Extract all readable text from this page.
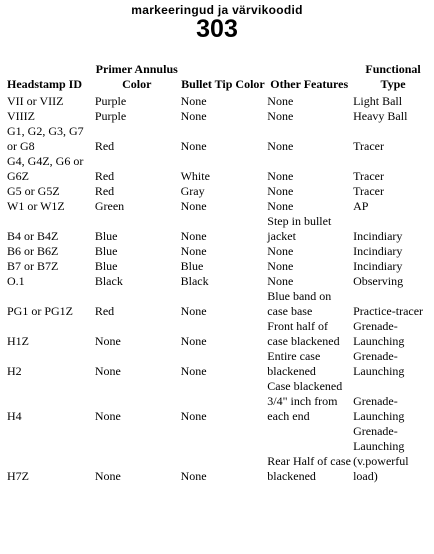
markeeringud ja värvikoodid
303
Headstamp ID	Primer Annulus Color	Bullet Tip Color	Other Features	Functional Type
VII or VIIZ	Purple	None	None	Light Ball
VIIIZ	Purple	None	None	Heavy Ball
G1, G2, G3, G7 or G8	Red	None	None	Tracer
G4, G4Z, G6 or G6Z	Red	White	None	Tracer
G5 or G5Z	Red	Gray	None	Tracer
W1 or W1Z	Green	None	None	AP
B4 or B4Z	Blue	None	Step in bullet jacket	Incindiary
B6 or B6Z	Blue	None	None	Incindiary
B7 or B7Z	Blue	Blue	None	Incindiary
O.1	Black	Black	None	Observing
PG1 or PG1Z	Red	None	Blue band on case base	Practice-tracer
H1Z	None	None	Front half of case blackened	Grenade-Launching
H2	None	None	Entire case blackened	Grenade-Launching
H4	None	None	Case blackened 3/4" inch from each end	Grenade-Launching
H7Z	None	None	Rear Half of case blackened	Grenade-Launching (v.powerful load)
